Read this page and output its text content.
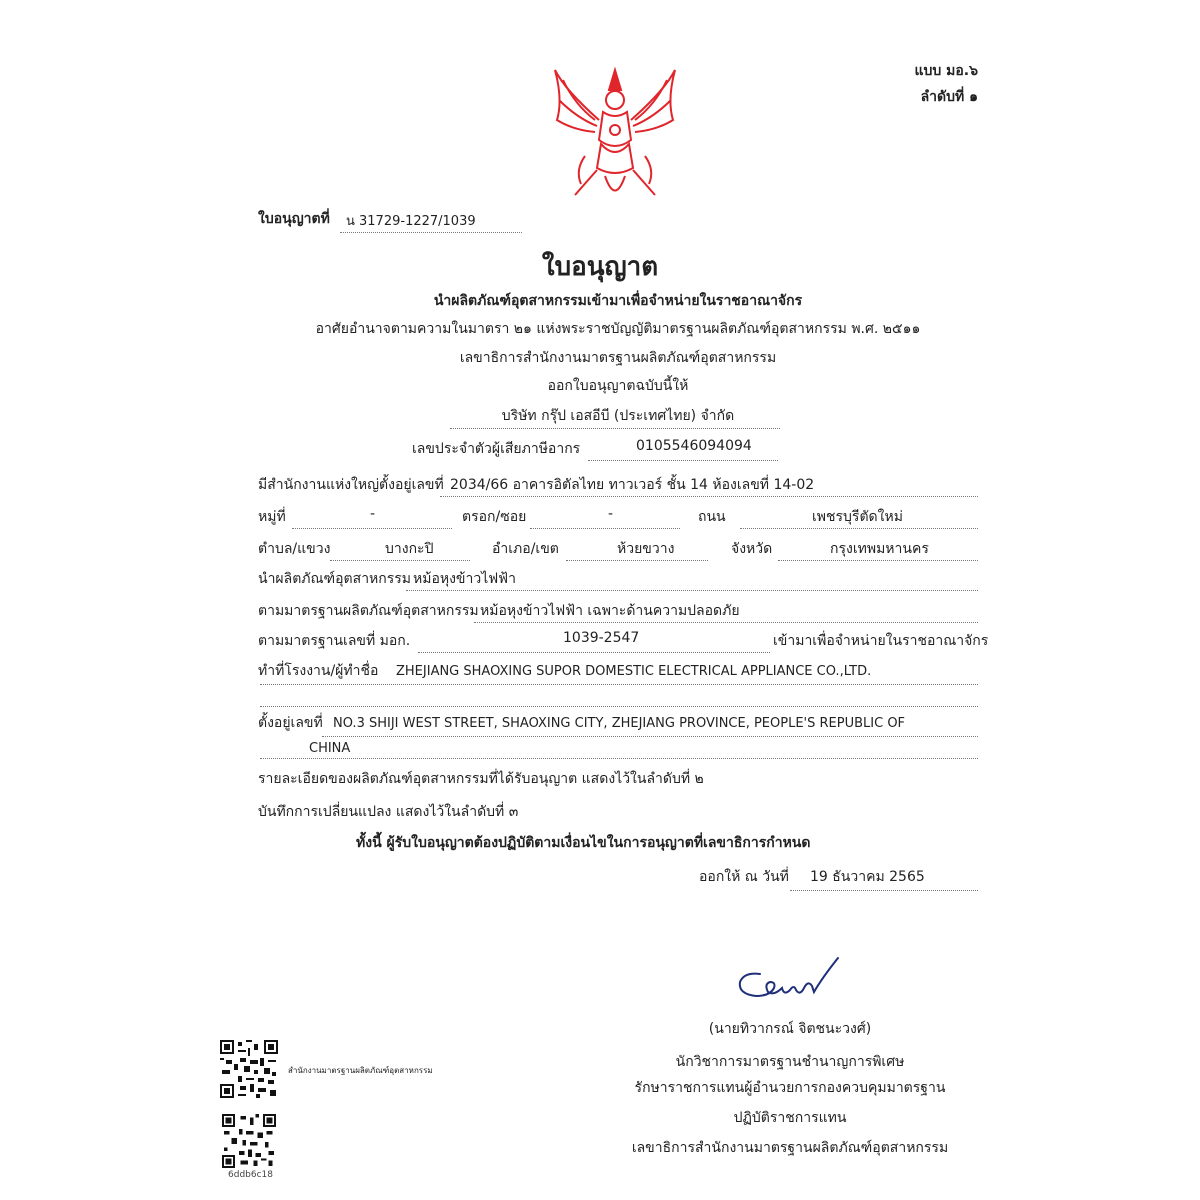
แบบ มอ.๖
ลำดับที่ ๑
ใบอนุญาตที่ น 31729-1227/1039
ใบอนุญาต
นำผลิตภัณฑ์อุตสาหกรรมเข้ามาเพื่อจำหน่ายในราชอาณาจักร
อาศัยอำนาจตามความในมาตรา ๒๑ แห่งพระราชบัญญัติมาตรฐานผลิตภัณฑ์อุตสาหกรรม พ.ศ. ๒๕๑๑
เลขาธิการสำนักงานมาตรฐานผลิตภัณฑ์อุตสาหกรรม
ออกใบอนุญาตฉบับนี้ให้
บริษัท กรุ๊ป เอสอีบี (ประเทศไทย) จำกัด
เลขประจำตัวผู้เสียภาษีอากร	0105546094094
มีสำนักงานแห่งใหญ่ตั้งอยู่เลขที่ 2034/66 อาคารอิตัลไทย ทาวเวอร์ ชั้น 14 ห้องเลขที่ 14-02
หมู่ที่	-	ตรอก/ซอย	-	ถนน	เพชรบุรีตัดใหม่
ตำบล/แขวง	บางกะปิ	อำเภอ/เขต	ห้วยขวาง	จังหวัด	กรุงเทพมหานคร
นำผลิตภัณฑ์อุตสาหกรรม หม้อหุงข้าวไฟฟ้า
ตามมาตรฐานผลิตภัณฑ์อุตสาหกรรม หม้อหุงข้าวไฟฟ้า เฉพาะด้านความปลอดภัย
ตามมาตรฐานเลขที่ มอก.	1039-2547	เข้ามาเพื่อจำหน่ายในราชอาณาจักร
ทำที่โรงงาน/ผู้ทำชื่อ ZHEJIANG SHAOXING SUPOR DOMESTIC ELECTRICAL APPLIANCE CO.,LTD.
ตั้งอยู่เลขที่ NO.3 SHIJI WEST STREET, SHAOXING CITY, ZHEJIANG PROVINCE, PEOPLE'S REPUBLIC OF
CHINA
รายละเอียดของผลิตภัณฑ์อุตสาหกรรมที่ได้รับอนุญาต แสดงไว้ในลำดับที่ ๒
บันทึกการเปลี่ยนแปลง แสดงไว้ในลำดับที่ ๓
ทั้งนี้ ผู้รับใบอนุญาตต้องปฏิบัติตามเงื่อนไขในการอนุญาตที่เลขาธิการกำหนด
ออกให้ ณ วันที่ 19 ธันวาคม 2565
(นายทิวากรณ์ จิตชนะวงศ์)
นักวิชาการมาตรฐานชำนาญการพิเศษ
รักษาราชการแทนผู้อำนวยการกองควบคุมมาตรฐาน
ปฏิบัติราชการแทน
เลขาธิการสำนักงานมาตรฐานผลิตภัณฑ์อุตสาหกรรม
สำนักงานมาตรฐานผลิตภัณฑ์อุตสาหกรรม
6ddb6c18
